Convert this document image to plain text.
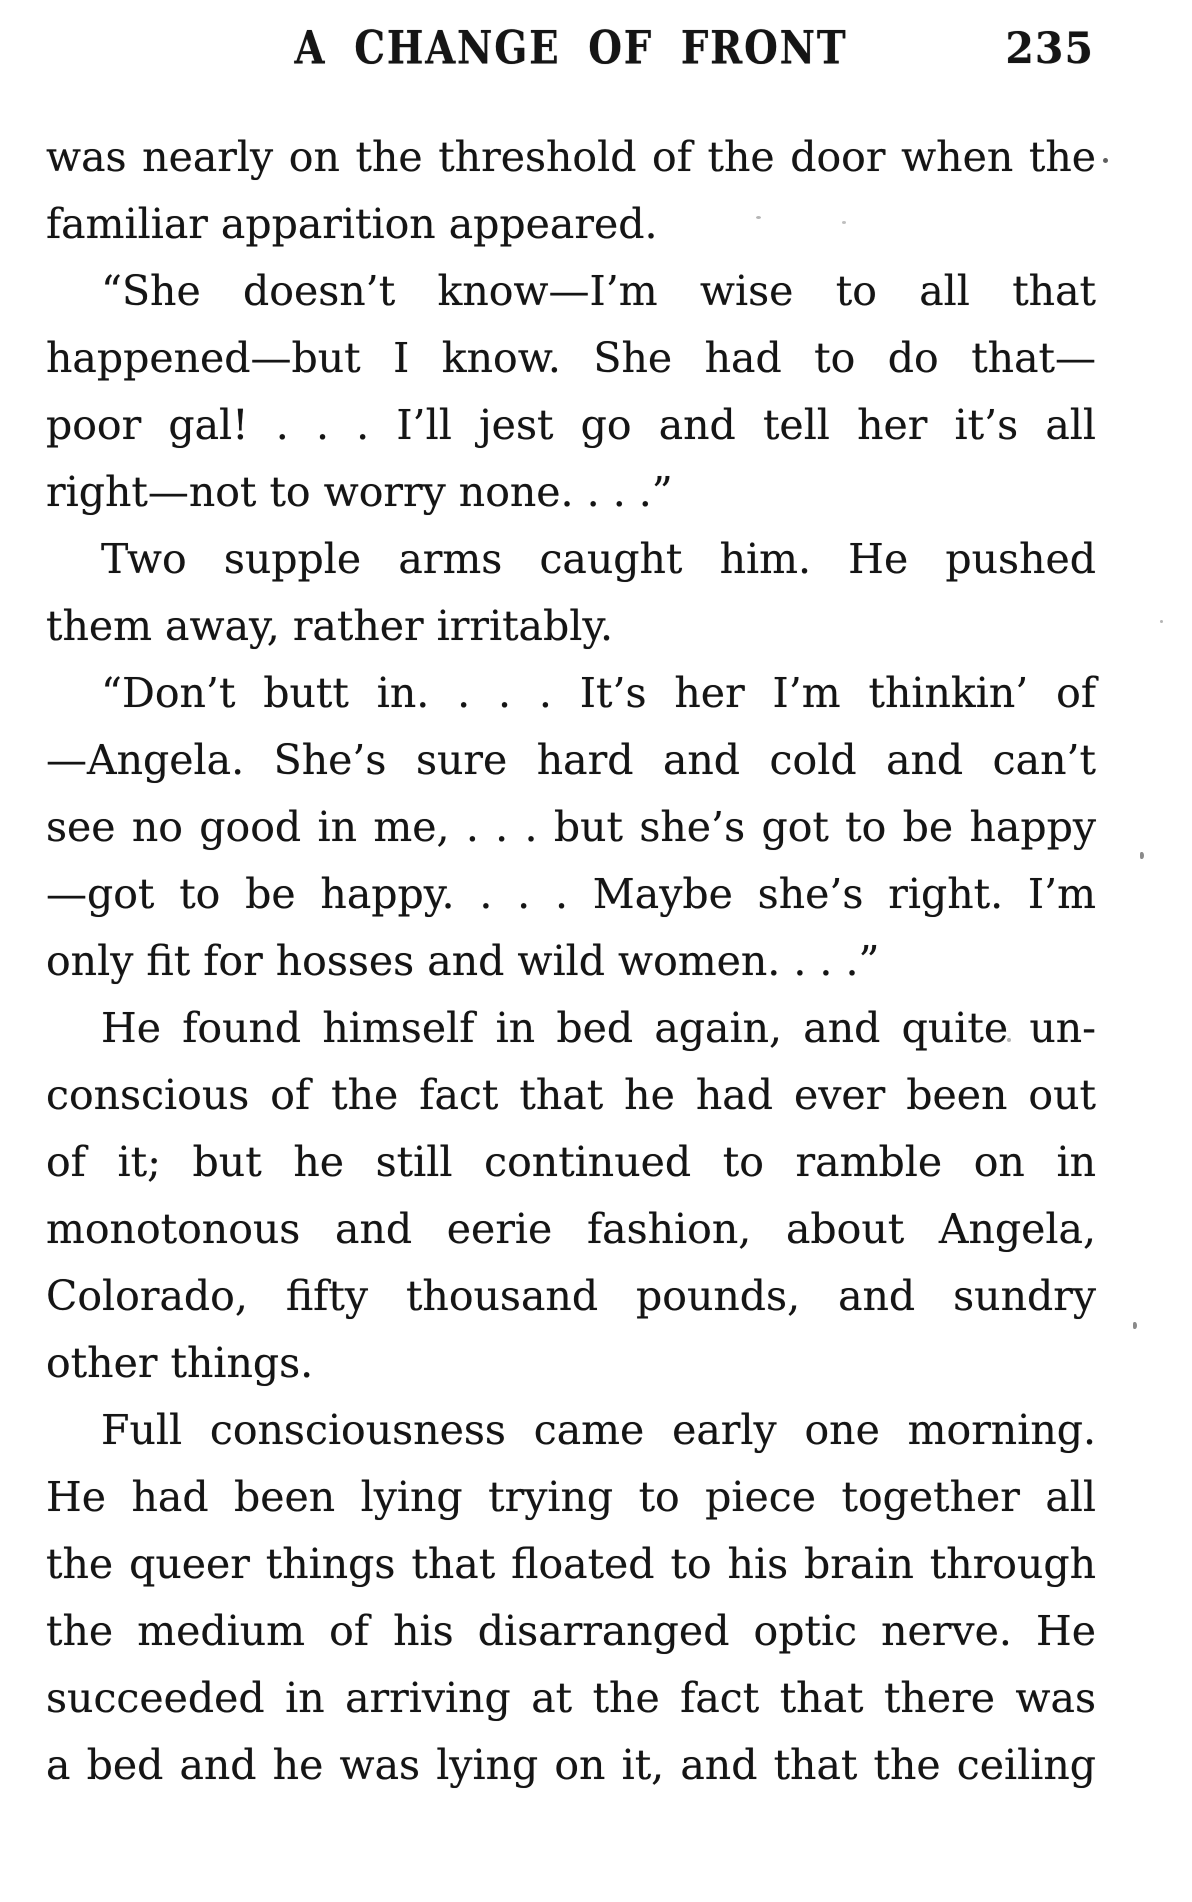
A CHANGE OF FRONT	235
was nearly on the threshold of the door when the
familiar apparition appeared.
“She doesn’t know—I’m wise to all that
happened—but I know. She had to do that—
poor gal! . . . I’ll jest go and tell her it’s all
right—not to worry none. . . .”
Two supple arms caught him. He pushed
them away, rather irritably.
“Don’t butt in. . . . It’s her I’m thinkin’ of
—Angela. She’s sure hard and cold and can’t
see no good in me, . . . but she’s got to be happy
—got to be happy. . . . Maybe she’s right. I’m
only fit for hosses and wild women. . . .”
He found himself in bed again, and quite un-
conscious of the fact that he had ever been out
of it; but he still continued to ramble on in
monotonous and eerie fashion, about Angela,
Colorado, fifty thousand pounds, and sundry
other things.
Full consciousness came early one morning.
He had been lying trying to piece together all
the queer things that floated to his brain through
the medium of his disarranged optic nerve. He
succeeded in arriving at the fact that there was
a bed and he was lying on it, and that the ceiling
